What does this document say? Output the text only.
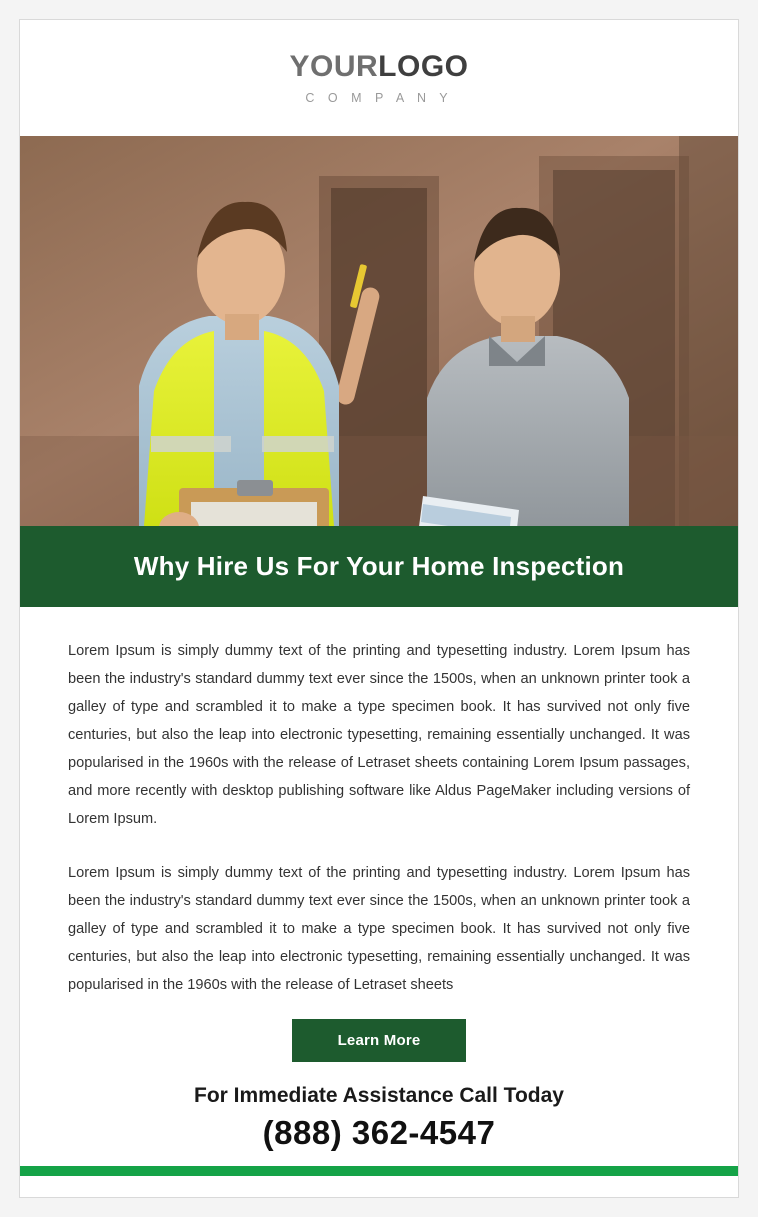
YOURLOGO
C O M P A N Y
Why Hire Us For Your Home Inspection

Lorem Ipsum is simply dummy text of the printing and typesetting industry. Lorem Ipsum has been the industry's standard dummy text ever since the 1500s, when an unknown printer took a galley of type and scrambled it to make a type specimen book. It has survived not only five centuries, but also the leap into electronic typesetting, remaining essentially unchanged. It was popularised in the 1960s with the release of Letraset sheets containing Lorem Ipsum passages, and more recently with desktop publishing software like Aldus PageMaker including versions of Lorem Ipsum.

Lorem Ipsum is simply dummy text of the printing and typesetting industry. Lorem Ipsum has been the industry's standard dummy text ever since the 1500s, when an unknown printer took a galley of type and scrambled it to make a type specimen book. It has survived not only five centuries, but also the leap into electronic typesetting, remaining essentially unchanged. It was popularised in the 1960s with the release of Letraset sheets

Learn More
For Immediate Assistance Call Today
(888) 362-4547
